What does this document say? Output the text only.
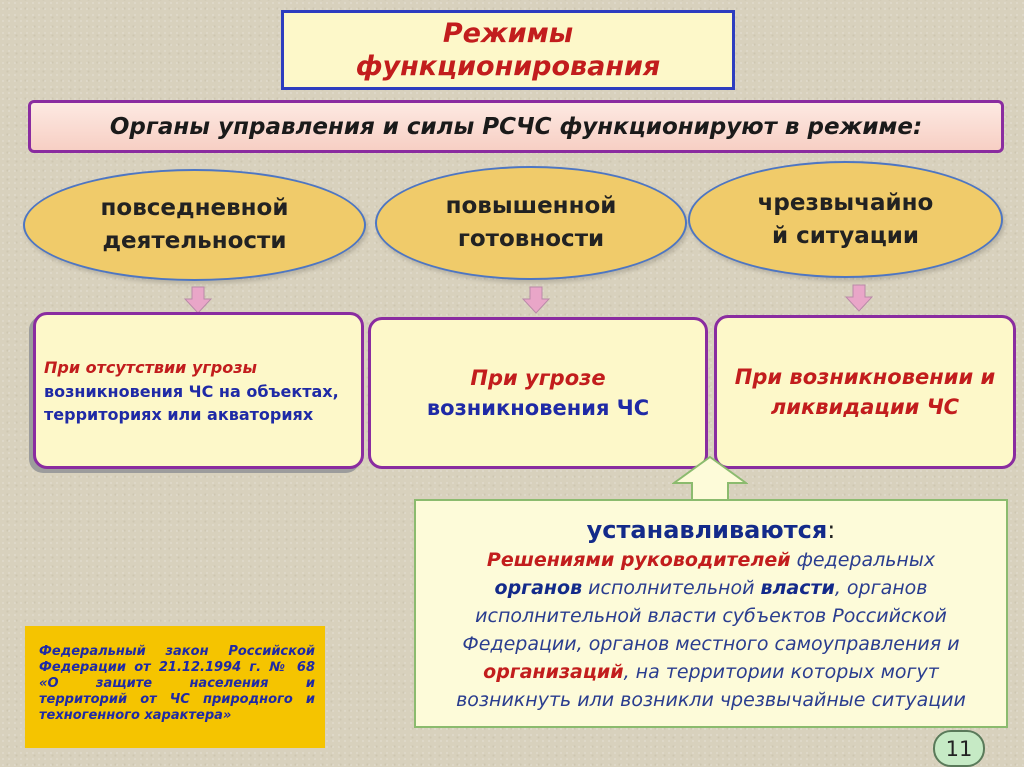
Режимы
функционирования
Органы управления и силы РСЧС функционируют в режиме:
повседневной
деятельности
повышенной
готовности
чрезвычайно
й ситуации
При отсутствии угрозы
возникновения ЧС на объектах,
территориях или акваториях
При угрозе
возникновения ЧС
При возникновении и
ликвидации ЧС
устанавливаются:
Решениями руководителей федеральных
органов исполнительной власти, органов
исполнительной власти субъектов Российской
Федерации, органов местного самоуправления и
организаций, на территории которых могут
возникнуть или возникли чрезвычайные ситуации
Федеральный закон Российской
Федерации от 21.12.1994 г. № 68
«О защите населения и
территорий от ЧС природного и
техногенного характера»
11
